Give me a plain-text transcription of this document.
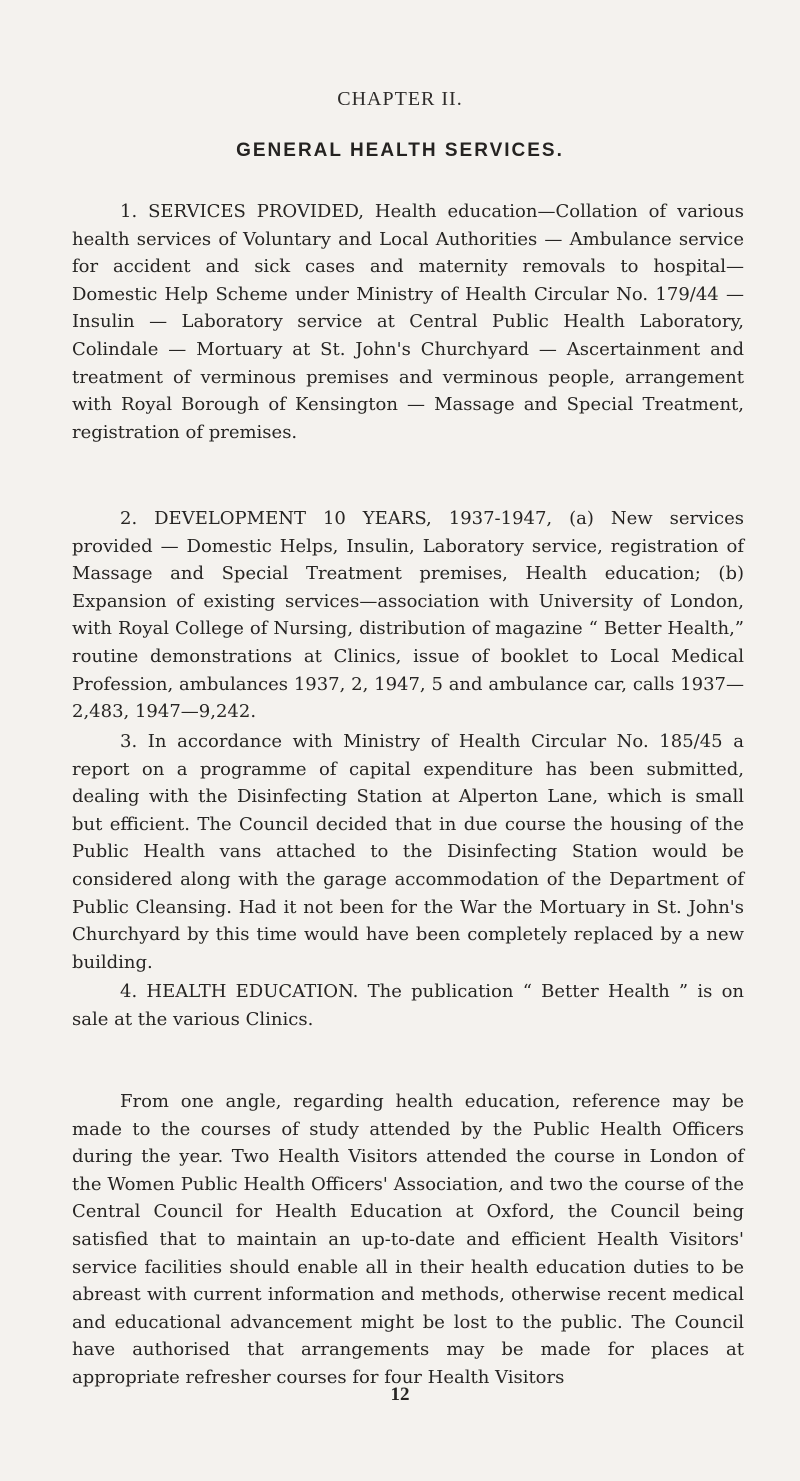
CHAPTER II.
GENERAL HEALTH SERVICES.

1. SERVICES PROVIDED, Health education—Collation of various health services of Voluntary and Local Authorities — Ambulance service for accident and sick cases and maternity removals to hospital—Domestic Help Scheme under Ministry of Health Circular No. 179/44 — Insulin — Laboratory service at Central Public Health Laboratory, Colindale — Mortuary at St. John's Churchyard — Ascertainment and treatment of verminous premises and verminous people, arrangement with Royal Borough of Kensington — Massage and Special Treatment, registration of premises.

2. DEVELOPMENT 10 YEARS, 1937-1947, (a) New services provided — Domestic Helps, Insulin, Laboratory service, registration of Massage and Special Treatment premises, Health education; (b) Expansion of existing services—association with University of London, with Royal College of Nursing, distribution of magazine “ Better Health,” routine demonstrations at Clinics, issue of booklet to Local Medical Profession, ambulances 1937, 2, 1947, 5 and ambulance car, calls 1937—2,483, 1947—9,242.

3. In accordance with Ministry of Health Circular No. 185/45 a report on a programme of capital expenditure has been submitted, dealing with the Disinfecting Station at Alperton Lane, which is small but efficient. The Council decided that in due course the housing of the Public Health vans attached to the Disinfecting Station would be considered along with the garage accommodation of the Department of Public Cleansing. Had it not been for the War the Mortuary in St. John's Churchyard by this time would have been completely replaced by a new building.

4. HEALTH EDUCATION. The publication “ Better Health ” is on sale at the various Clinics.

From one angle, regarding health education, reference may be made to the courses of study attended by the Public Health Officers during the year. Two Health Visitors attended the course in London of the Women Public Health Officers' Association, and two the course of the Central Council for Health Education at Oxford, the Council being satisfied that to maintain an up-to-date and efficient Health Visitors' service facilities should enable all in their health education duties to be abreast with current information and methods, otherwise recent medical and educational advancement might be lost to the public. The Council have authorised that arrangements may be made for places at appropriate refresher courses for four Health Visitors

12
